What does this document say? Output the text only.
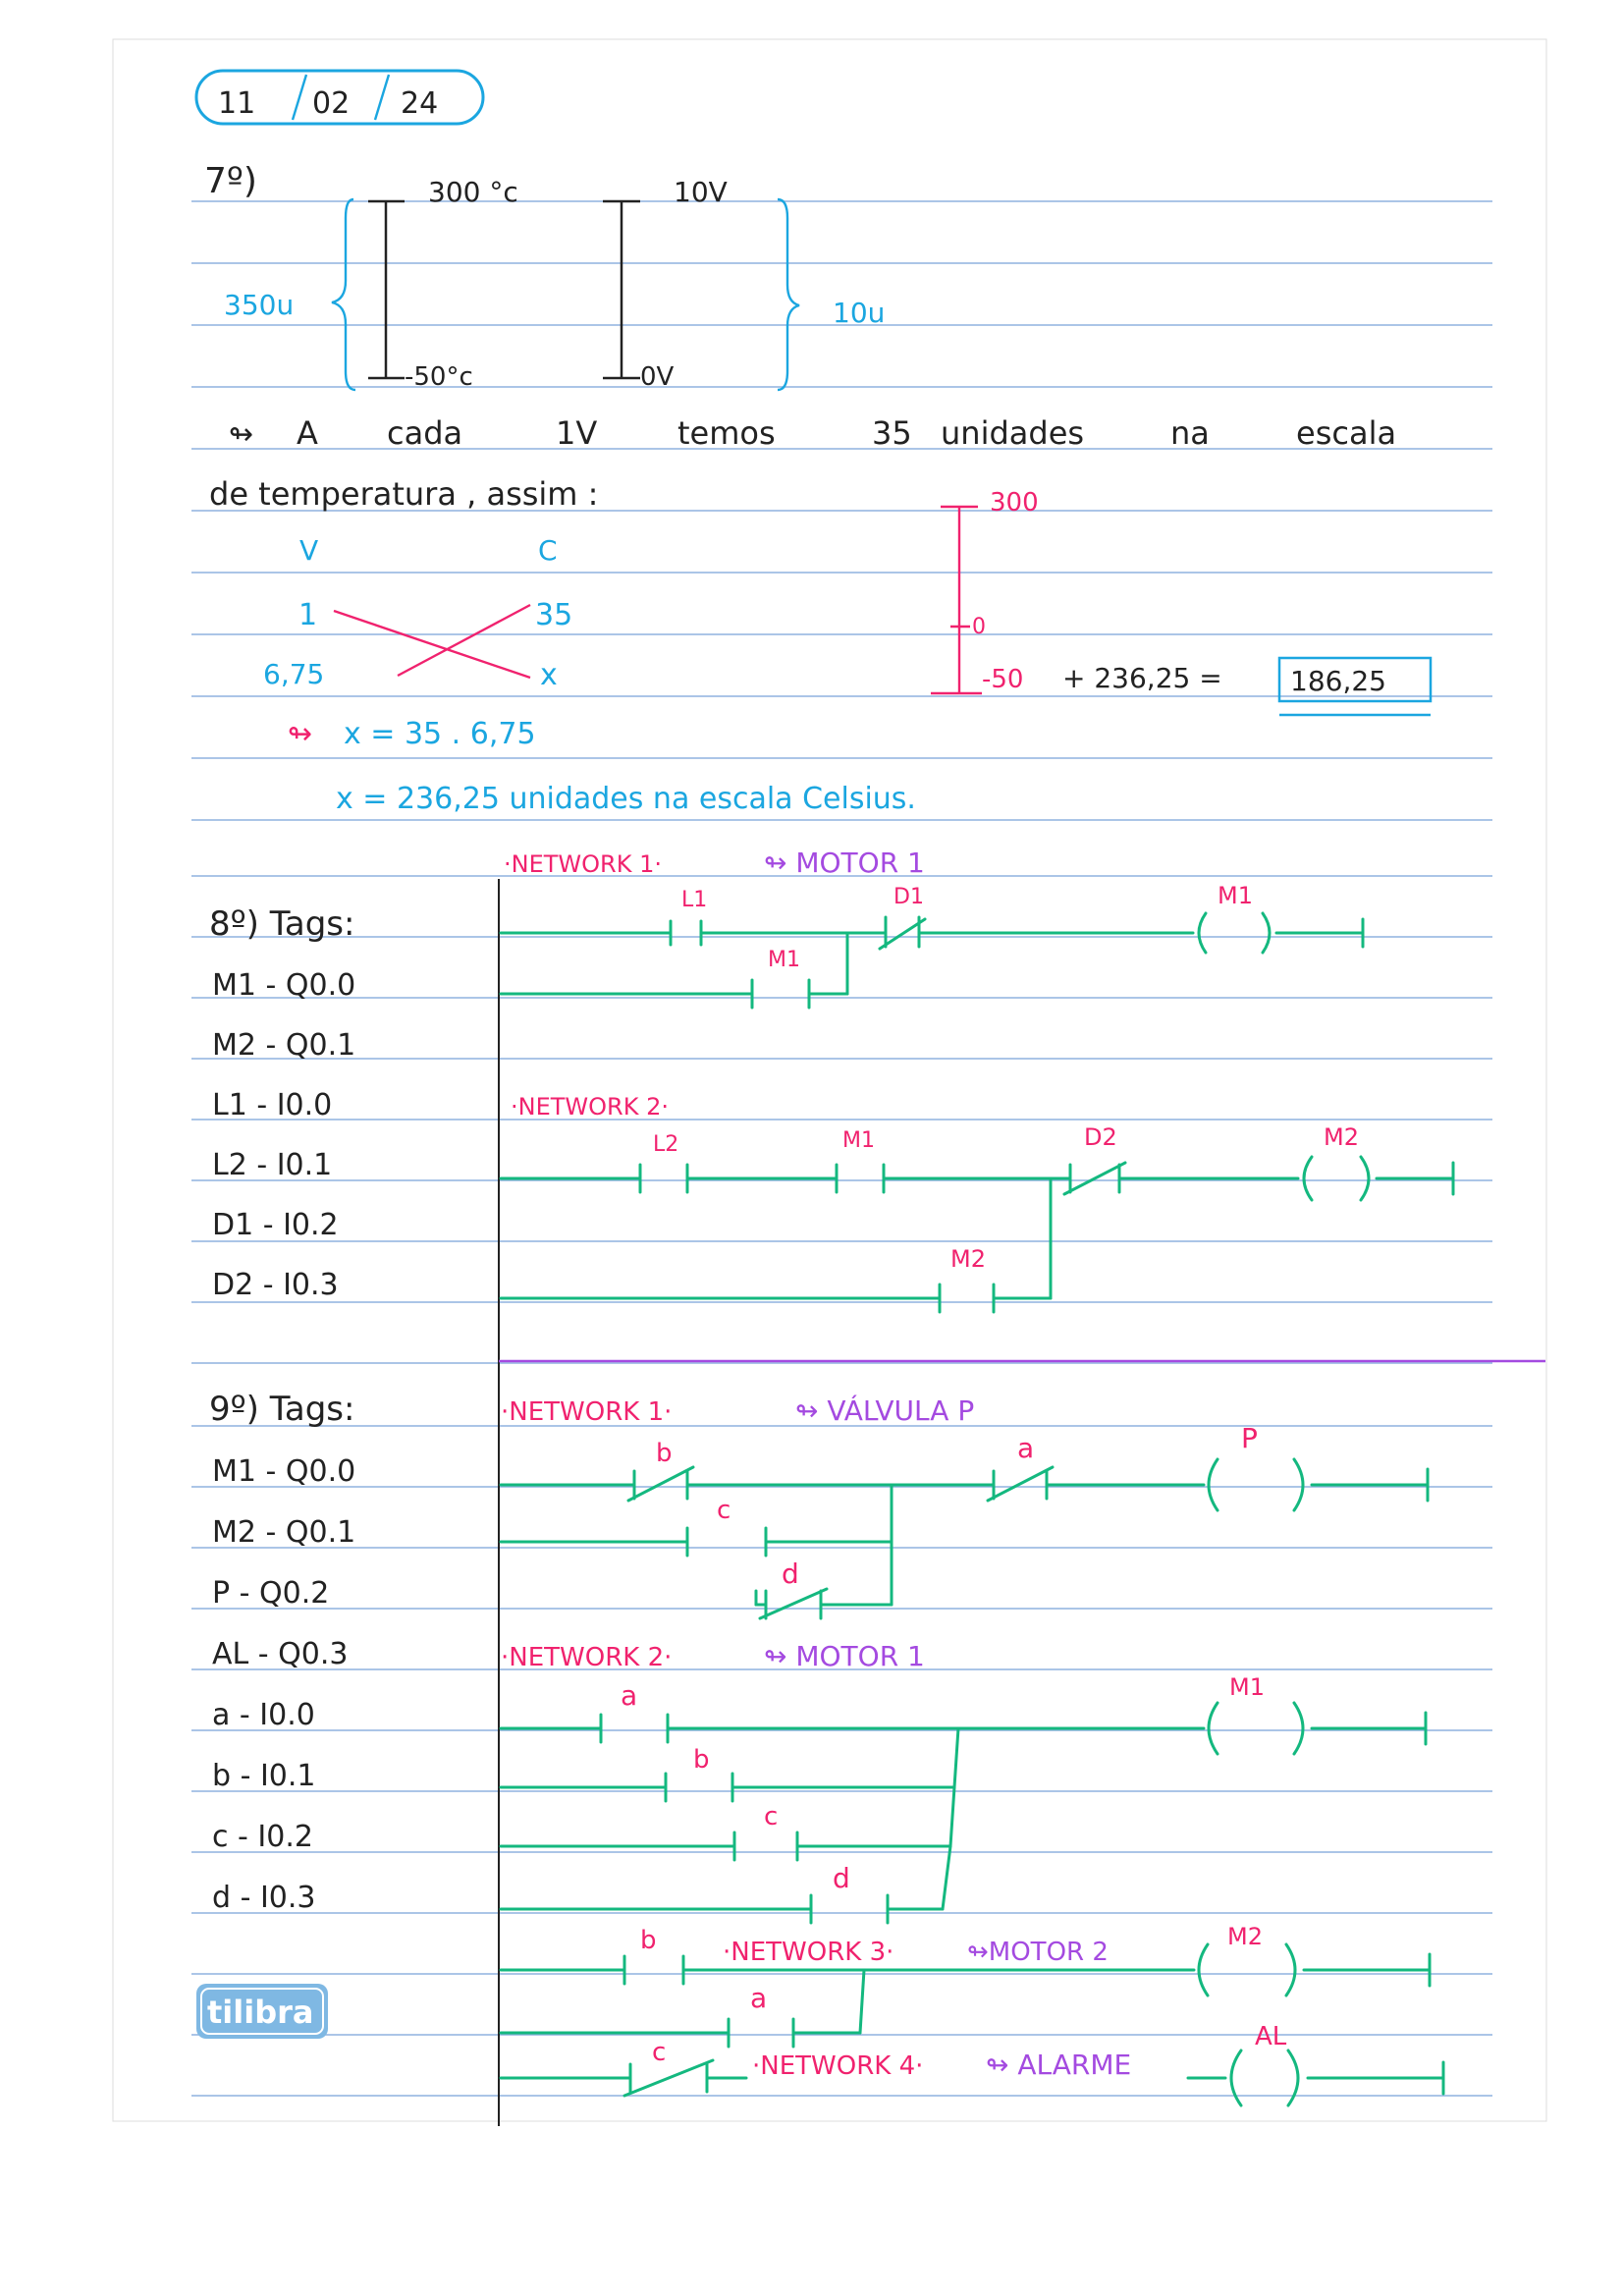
11 02 24
7º)	300 °c
-50°c
10V
0V
350u	10u
↬ A cada	1V	temos	35 unidades	na	escala
de temperatura , assim :
V	C
1	35
6,75	x
↬ x = 35 . 6,75
x = 236,25 unidades na escala Celsius.
300
0
-50 + 236,25 = 186,25
8º) Tags:
M1 - Q0.0
M2 - Q0.1
L1 - I0.0
L2 - I0.1
D1 - I0.2
D2 - I0.3
·NETWORK 1·	↬ MOTOR 1
L1	D1
M1
M1
·NETWORK 2·
L2	M1	D2
M2
M2
9º) Tags:
M1 - Q0.0
M2 - Q0.1
P - Q0.2
AL - Q0.3
a - I0.0
b - I0.1
c - I0.2
d - I0.3
·NETWORK 1·	↬ VÁLVULA P
b
c
d
a	P
·NETWORK 2·	↬ MOTOR 1
a
b
c
d
M1
·NETWORK 3·	↬MOTOR 2
b
a
M2
·NETWORK 4· ↬ ALARME
c
AL
tilibra
